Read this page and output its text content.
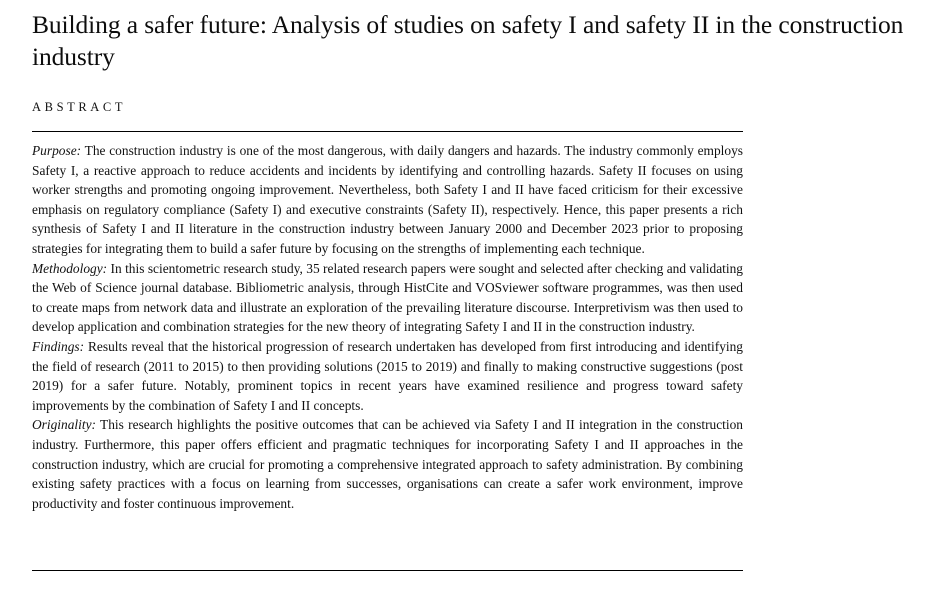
Building a safer future: Analysis of studies on safety I and safety II in the construction industry
ABSTRACT

Purpose: The construction industry is one of the most dangerous, with daily dangers and hazards. The industry commonly employs Safety I, a reactive approach to reduce accidents and incidents by identifying and controlling hazards. Safety II focuses on using worker strengths and promoting ongoing improvement. Nevertheless, both Safety I and II have faced criticism for their excessive emphasis on regulatory compliance (Safety I) and executive constraints (Safety II), respectively. Hence, this paper presents a rich synthesis of Safety I and II literature in the construction industry between January 2000 and December 2023 prior to proposing strategies for integrating them to build a safer future by focusing on the strengths of implementing each technique.

Methodology: In this scientometric research study, 35 related research papers were sought and selected after checking and validating the Web of Science journal database. Bibliometric analysis, through HistCite and VOSviewer software programmes, was then used to create maps from network data and illustrate an exploration of the prevailing literature discourse. Interpretivism was then used to develop application and combination strategies for the new theory of integrating Safety I and II in the construction industry.

Findings: Results reveal that the historical progression of research undertaken has developed from first introducing and identifying the field of research (2011 to 2015) to then providing solutions (2015 to 2019) and finally to making constructive suggestions (post 2019) for a safer future. Notably, prominent topics in recent years have examined resilience and progress toward safety improvements by the combination of Safety I and II concepts.

Originality: This research highlights the positive outcomes that can be achieved via Safety I and II integration in the construction industry. Furthermore, this paper offers efficient and pragmatic techniques for incorporating Safety I and II approaches in the construction industry, which are crucial for promoting a comprehensive integrated approach to safety administration. By combining existing safety practices with a focus on learning from successes, organisations can create a safer work environment, improve productivity and foster continuous improvement.
